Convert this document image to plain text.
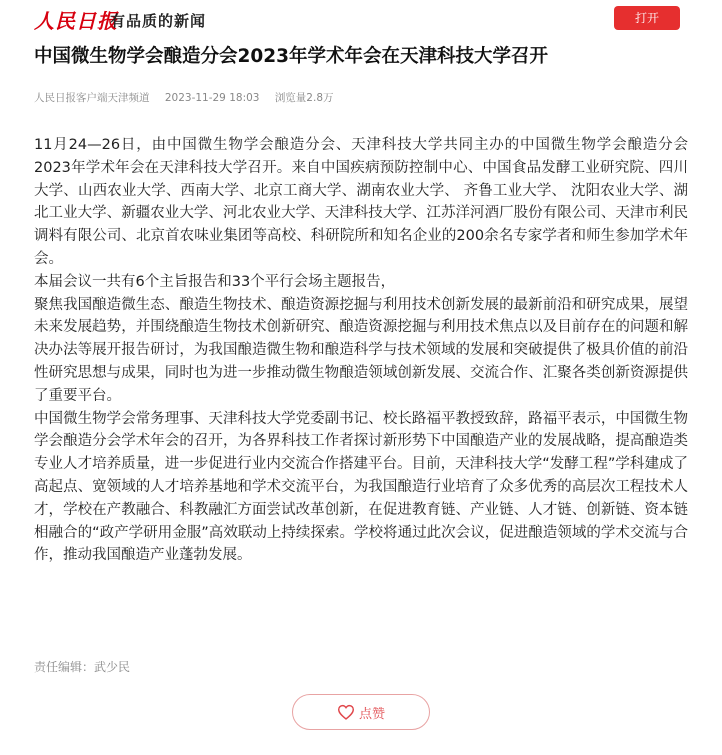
人民日报
有品质的新闻	打开
中国微生物学会酿造分会2023年学术年会在天津科技大学召开
人民日报客户端天津频道 2023-11-29 18:03 浏览量2.8万

11月24—26日，由中国微生物学会酿造分会、天津科技大学共同主办的中国微生物学会酿造分会2023年学术年会在天津科技大学召开。来自中国疾病预防控制中心、中国食品发酵工业研究院、四川大学、山西农业大学、西南大学、北京工商大学、湖南农业大学、 齐鲁工业大学、 沈阳农业大学、湖北工业大学、新疆农业大学、河北农业大学、天津科技大学、江苏洋河酒厂股份有限公司、天津市利民调料有限公司、北京首农味业集团等高校、科研院所和知名企业的200余名专家学者和师生参加学术年会。

本届会议一共有6个主旨报告和33个平行会场主题报告，

聚焦我国酿造微生态、酿造生物技术、酿造资源挖掘与利用技术创新发展的最新前沿和研究成果，展望未来发展趋势，并围绕酿造生物技术创新研究、酿造资源挖掘与利用技术焦点以及目前存在的问题和解决办法等展开报告研讨，为我国酿造微生物和酿造科学与技术领域的发展和突破提供了极具价值的前沿性研究思想与成果，同时也为进一步推动微生物酿造领域创新发展、交流合作、汇聚各类创新资源提供了重要平台。

中国微生物学会常务理事、天津科技大学党委副书记、校长路福平教授致辞，路福平表示，中国微生物学会酿造分会学术年会的召开，为各界科技工作者探讨新形势下中国酿造产业的发展战略，提高酿造类专业人才培养质量，进一步促进行业内交流合作搭建平台。目前，天津科技大学“发酵工程”学科建成了高起点、宽领域的人才培养基地和学术交流平台，为我国酿造行业培育了众多优秀的高层次工程技术人才，学校在产教融合、科教融汇方面尝试改革创新，在促进教育链、产业链、人才链、创新链、资本链相融合的“政产学研用金服”高效联动上持续探索。学校将通过此次会议，促进酿造领域的学术交流与合作，推动我国酿造产业蓬勃发展。

责任编辑：武少民
点赞
